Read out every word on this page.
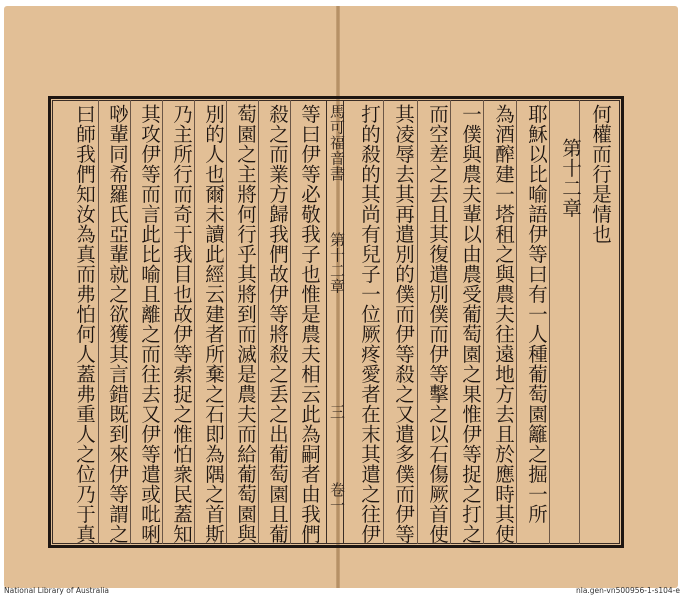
何權而行是情也
第十二章
耶穌以比喻語伊等曰有一人種葡萄園籬之掘一所
為酒醡建一塔租之與農夫往遠地方去且於應時其使
一僕與農夫輩以由農受葡萄園之果惟伊等捉之打之
而空差之去且其復遣別僕而伊等擊之以石傷厥首使
其凌辱去其再遣別的僕而伊等殺之又遣多僕而伊等
打的殺的其尚有兒子一位厥疼愛者在末其遣之往伊
馬可福音書
第十二章
三
卷一
等曰伊等必敬我子也惟是農夫相云此為嗣者由我們
殺之而業方歸我們故伊等將殺之丢之出葡萄園且葡
萄園之主將何行乎其將到而滅是農夫而給葡萄園與
別的人也爾未讀此經云建者所棄之石即為隅之首斯
乃主所行而奇于我目也故伊等索捉之惟怕衆民蓋知
其攻伊等而言此比喻且離之而往去又伊等遣或吡唎
唦輩同希羅氏亞輩就之欲獲其言錯既到來伊等謂之
曰師我們知汝為真而弗怕何人蓋弗重人之位乃于真
National Library of Australia	nla.gen-vn500956-1-s104-e
